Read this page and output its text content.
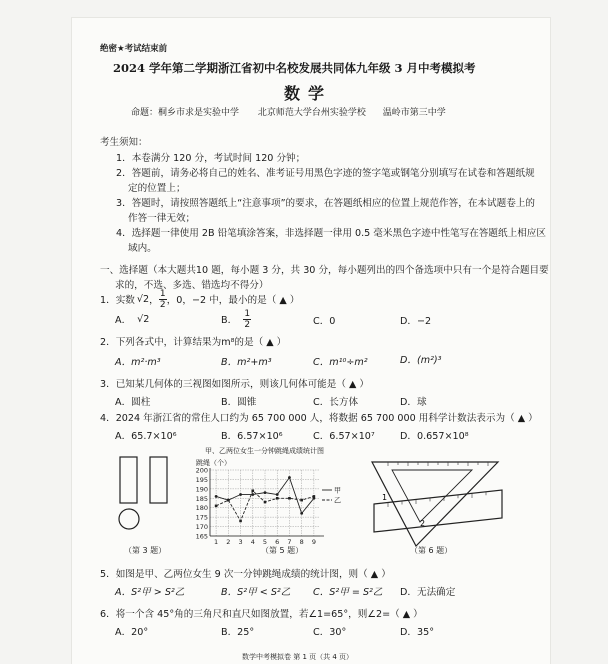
绝密★考试结束前
2024 学年第二学期浙江省初中名校发展共同体九年级 3 月中考模拟考
数学
命题：桐乡市求是实验中学 北京师范大学台州实验学校 温岭市第三中学
考生须知：
1．本卷满分 120 分，考试时间 120 分钟；
2．答题前，请务必将自己的姓名、准考证号用黑色字迹的签字笔或钢笔分别填写在试卷和答题纸规
定的位置上；
3．答题时，请按照答题纸上“注意事项”的要求，在答题纸相应的位置上规范作答，在本试题卷上的
作答一律无效；
4．选择题一律使用 2B 铅笔填涂答案，非选择题一律用 0.5 毫米黑色字迹中性笔写在答题纸上相应区
域内。
一、选择题（本大题共10 题，每小题 3 分，共 30 分，每小题列出的四个备选项中只有一个是符合题目要
求的，不选、多选、错选均不得分）
1．实数 √2 ， $\frac{1}{2}$ ，0，−2 中，最小的是（ ▲ ）
A． √2	B． $\frac{1}{2}$	C．0	D．−2
2．下列各式中，计算结果为m⁸的是（ ▲ ）
A．m²·m³	B．m²+m³	C．m¹⁰÷m²	D．(m²)³
3．已知某几何体的三视图如图所示，则该几何体可能是（ ▲ ）
A．圆柱	B．圆锥	C．长方体	D．球
4．2024 年浙江省的常住人口约为 65 700 000 人，将数据 65 700 000 用科学计数法表示为（ ▲ ）
A．65.7×10⁶	B．6.57×10⁶	C．6.57×10⁷	D．0.657×10⁸
（第 3 题）
甲、乙两位女生一分钟跳绳成绩统计图
跳绳（个）
165
170
175
180
185
190
195
200
1 2 3 4 5 6 7 8 9
甲
乙
（第 5 题）
1
2
（第 6 题）
5．如图是甲、乙两位女生 9 次一分钟跳绳成绩的统计图，则（ ▲ ）
A．S²甲 > S²乙	B．S²甲 < S²乙 C．S²甲 = S²乙 D．无法确定
6．将一个含 45°角的三角尺和直尺如图放置，若∠1=65°，则∠2=（ ▲ ）
A．20°	B．25°	C．30°	D．35°
数学中考模拟卷 第 1 页（共 4 页）
